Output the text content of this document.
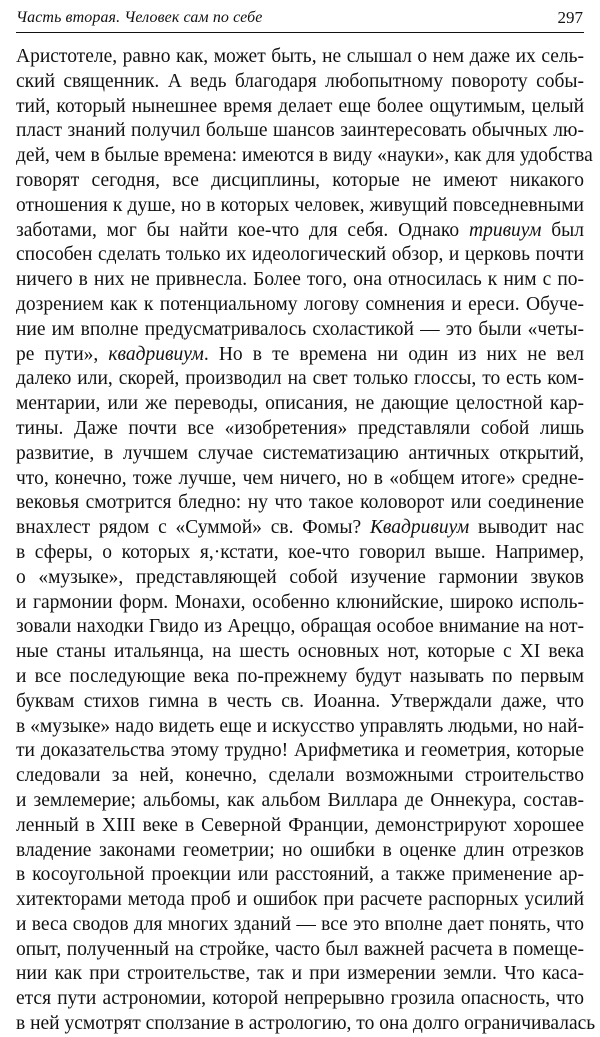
Часть вторая. Человек сам по себе	297
Аристотеле, равно как, может быть, не слышал о нем даже их сель-
ский священник. А ведь благодаря любопытному повороту собы-
тий, который нынешнее время делает еще более ощутимым, целый
пласт знаний получил больше шансов заинтересовать обычных лю-
дей, чем в былые времена: имеются в виду «науки», как для удобства
говорят сегодня, все дисциплины, которые не имеют никакого
отношения к душе, но в которых человек, живущий повседневными
заботами, мог бы найти кое-что для себя. Однако тривиум был
способен сделать только их идеологический обзор, и церковь почти
ничего в них не привнесла. Более того, она относилась к ним с по-
дозрением как к потенциальному логову сомнения и ереси. Обуче-
ние им вполне предусматривалось схоластикой — это были «четы-
ре пути», квадривиум. Но в те времена ни один из них не вел
далеко или, скорей, производил на свет только глоссы, то есть ком-
ментарии, или же переводы, описания, не дающие целостной кар-
тины. Даже почти все «изобретения» представляли собой лишь
развитие, в лучшем случае систематизацию античных открытий,
что, конечно, тоже лучше, чем ничего, но в «общем итоге» средне-
вековья смотрится бледно: ну что такое коловорот или соединение
внахлест рядом с «Суммой» св. Фомы? Квадривиум выводит нас
в сферы, о которых я,·кстати, кое-что говорил выше. Например,
о «музыке», представляющей собой изучение гармонии звуков
и гармонии форм. Монахи, особенно клюнийские, широко исполь-
зовали находки Гвидо из Ареццо, обращая особое внимание на нот-
ные станы итальянца, на шесть основных нот, которые с XI века
и все последующие века по-прежнему будут называть по первым
буквам стихов гимна в честь св. Иоанна. Утверждали даже, что
в «музыке» надо видеть еще и искусство управлять людьми, но най-
ти доказательства этому трудно! Арифметика и геометрия, которые
следовали за ней, конечно, сделали возможными строительство
и землемерие; альбомы, как альбом Виллара де Оннекура, состав-
ленный в XIII веке в Северной Франции, демонстрируют хорошее
владение законами геометрии; но ошибки в оценке длин отрезков
в косоугольной проекции или расстояний, а также применение ар-
хитекторами метода проб и ошибок при расчете распорных усилий
и веса сводов для многих зданий — все это вполне дает понять, что
опыт, полученный на стройке, часто был важней расчета в помеще-
нии как при строительстве, так и при измерении земли. Что каса-
ется пути астрономии, которой непрерывно грозила опасность, что
в ней усмотрят сползание в астрологию, то она долго ограничивалась
